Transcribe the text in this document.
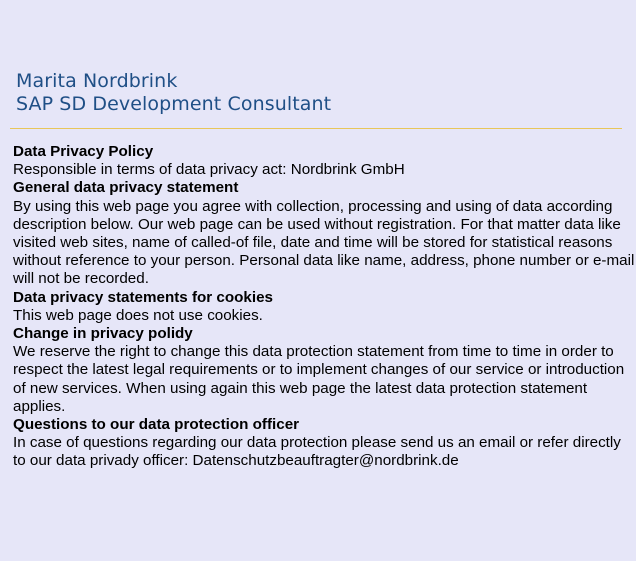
Marita Nordbrink
SAP SD Development Consultant
Data Privacy Policy
Responsible in terms of data privacy act: Nordbrink GmbH
General data privacy statement
By using this web page you agree with collection, processing and using of data according description below. Our web page can be used without registration. For that matter data like visited web sites, name of called-of file, date and time will be stored for statistical reasons without reference to your person. Personal data like name, address, phone number or e-mail will not be recorded.
Data privacy statements for cookies
This web page does not use cookies.
Change in privacy polidy
We reserve the right to change this data protection statement from time to time in order to respect the latest legal requirements or to implement changes of our service or introduction of new services. When using again this web page the latest data protection statement applies.
Questions to our data protection officer
In case of questions regarding our data protection please send us an email or refer directly to our data privady officer: Datenschutzbeauftragter@nordbrink.de
